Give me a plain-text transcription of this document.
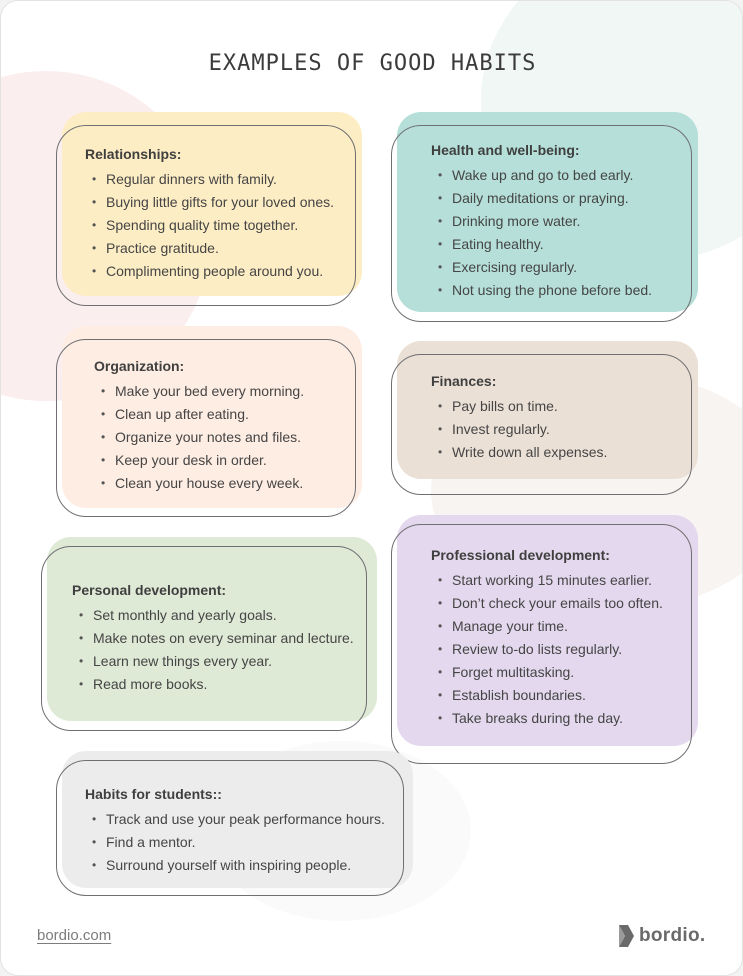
EXAMPLES OF GOOD HABITS
Relationships:
• Regular dinners with family.
• Buying little gifts for your loved ones.
• Spending quality time together.
• Practice gratitude.
• Complimenting people around you.
Health and well-being:
• Wake up and go to bed early.
• Daily meditations or praying.
• Drinking more water.
• Eating healthy.
• Exercising regularly.
• Not using the phone before bed.
Organization:
• Make your bed every morning.
• Clean up after eating.
• Organize your notes and files.
• Keep your desk in order.
• Clean your house every week.
Finances:
• Pay bills on time.
• Invest regularly.
• Write down all expenses.
Personal development:
• Set monthly and yearly goals.
• Make notes on every seminar and lecture.
• Learn new things every year.
• Read more books.
Professional development:
• Start working 15 minutes earlier.
• Don’t check your emails too often.
• Manage your time.
• Review to-do lists regularly.
• Forget multitasking.
• Establish boundaries.
• Take breaks during the day.
Habits for students::
• Track and use your peak performance hours.
• Find a mentor.
• Surround yourself with inspiring people.
bordio.com	bordio.
